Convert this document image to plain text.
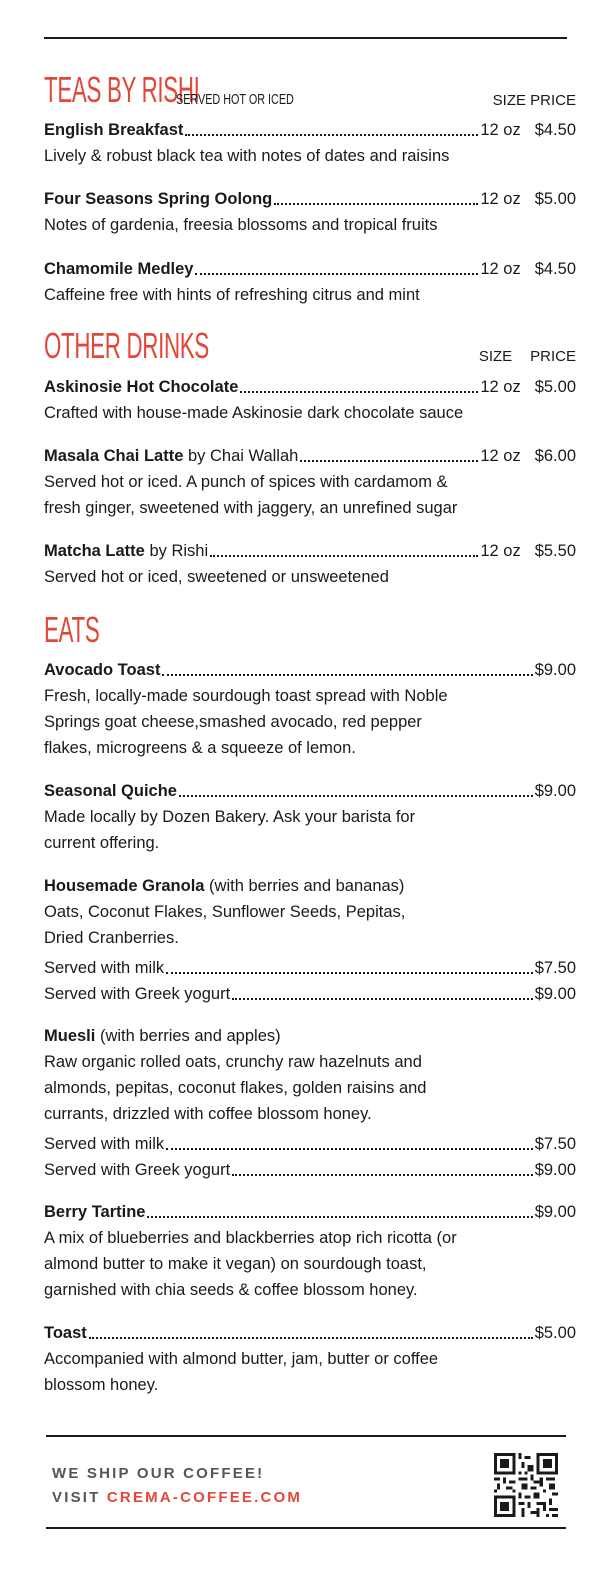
TEAS BY RISHI
SERVED HOT OR ICED	SIZE PRICE
English Breakfast	12 oz $4.50
Lively & robust black tea with notes of dates and raisins
Four Seasons Spring Oolong	12 oz $5.00
Notes of gardenia, freesia blossoms and tropical fruits
Chamomile Medley	12 oz $4.50
Caffeine free with hints of refreshing citrus and mint
OTHER DRINKS	SIZE PRICE
Askinosie Hot Chocolate	12 oz $5.00
Crafted with house-made Askinosie dark chocolate sauce
Masala Chai Latte by Chai Wallah	12 oz $6.00
Served hot or iced. A punch of spices with cardamom &
fresh ginger, sweetened with jaggery, an unrefined sugar
Matcha Latte by Rishi	12 oz $5.50
Served hot or iced, sweetened or unsweetened
EATS
Avocado Toast	$9.00
Fresh, locally-made sourdough toast spread with Noble
Springs goat cheese,smashed avocado, red pepper
flakes, microgreens & a squeeze of lemon.
Seasonal Quiche	$9.00
Made locally by Dozen Bakery. Ask your barista for
current offering.
Housemade Granola (with berries and bananas)
Oats, Coconut Flakes, Sunflower Seeds, Pepitas,
Dried Cranberries.
Served with milk	$7.50
Served with Greek yogurt	$9.00
Muesli (with berries and apples)
Raw organic rolled oats, crunchy raw hazelnuts and
almonds, pepitas, coconut flakes, golden raisins and
currants, drizzled with coffee blossom honey.
Served with milk	$7.50
Served with Greek yogurt	$9.00
Berry Tartine	$9.00
A mix of blueberries and blackberries atop rich ricotta (or
almond butter to make it vegan) on sourdough toast,
garnished with chia seeds & coffee blossom honey.
Toast	$5.00
Accompanied with almond butter, jam, butter or coffee
blossom honey.
WE SHIP OUR COFFEE!
VISIT CREMA-COFFEE.COM
